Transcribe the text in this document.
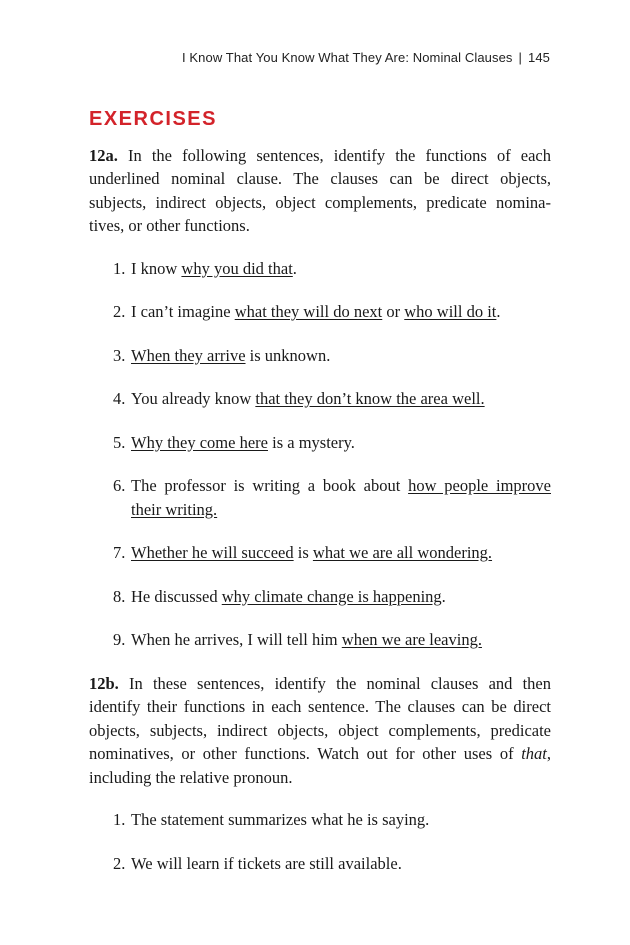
I Know That You Know What They Are: Nominal Clauses | 145
EXERCISES

12a. In the following sentences, identify the functions of each underlined nominal clause. The clauses can be direct objects, subjects, indirect objects, object complements, predicate nomina-tives, or other functions.

1. I know why you did that.
2. I can’t imagine what they will do next or who will do it.
3. When they arrive is unknown.
4. You already know that they don’t know the area well.
5. Why they come here is a mystery.
6. The professor is writing a book about how people improve their writing.
7. Whether he will succeed is what we are all wondering.
8. He discussed why climate change is happening.
9. When he arrives, I will tell him when we are leaving.

12b. In these sentences, identify the nominal clauses and then identify their functions in each sentence. The clauses can be direct objects, subjects, indirect objects, object complements, predicate nominatives, or other functions. Watch out for other uses of that, including the relative pronoun.

1. The statement summarizes what he is saying.
2. We will learn if tickets are still available.
